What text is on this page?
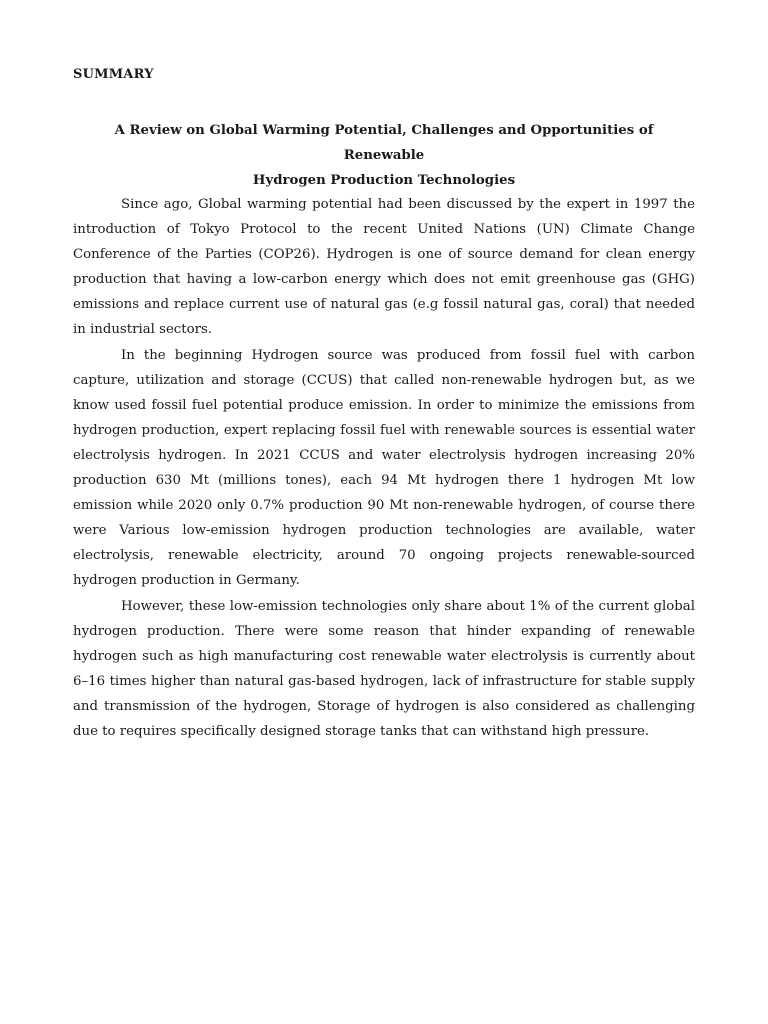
SUMMARY
A Review on Global Warming Potential, Challenges and Opportunities of Renewable
Hydrogen Production Technologies

Since ago, Global warming potential had been discussed by the expert in 1997 the introduction of Tokyo Protocol to the recent United Nations (UN) Climate Change Conference of the Parties (COP26). Hydrogen is one of source demand for clean energy production that having a low-carbon energy which does not emit greenhouse gas (GHG) emissions and replace current use of natural gas (e.g fossil natural gas, coral) that needed in industrial sectors.

In the beginning Hydrogen source was produced from fossil fuel with carbon capture, utilization and storage (CCUS) that called non-renewable hydrogen but, as we know used fossil fuel potential produce emission. In order to minimize the emissions from hydrogen production, expert replacing fossil fuel with renewable sources is essential water electrolysis hydrogen. In 2021 CCUS and water electrolysis hydrogen increasing 20% production 630 Mt (millions tones), each 94 Mt hydrogen there 1 hydrogen Mt low emission while 2020 only 0.7% production 90 Mt non-renewable hydrogen, of course there were Various low-emission hydrogen production technologies are available, water electrolysis, renewable electricity, around 70 ongoing projects renewable-sourced hydrogen production in Germany.

However, these low-emission technologies only share about 1% of the current global hydrogen production. There were some reason that hinder expanding of renewable hydrogen such as high manufacturing cost renewable water electrolysis is currently about 6–16 times higher than natural gas-based hydrogen, lack of infrastructure for stable supply and transmission of the hydrogen, Storage of hydrogen is also considered as challenging due to requires specifically designed storage tanks that can withstand high pressure.
